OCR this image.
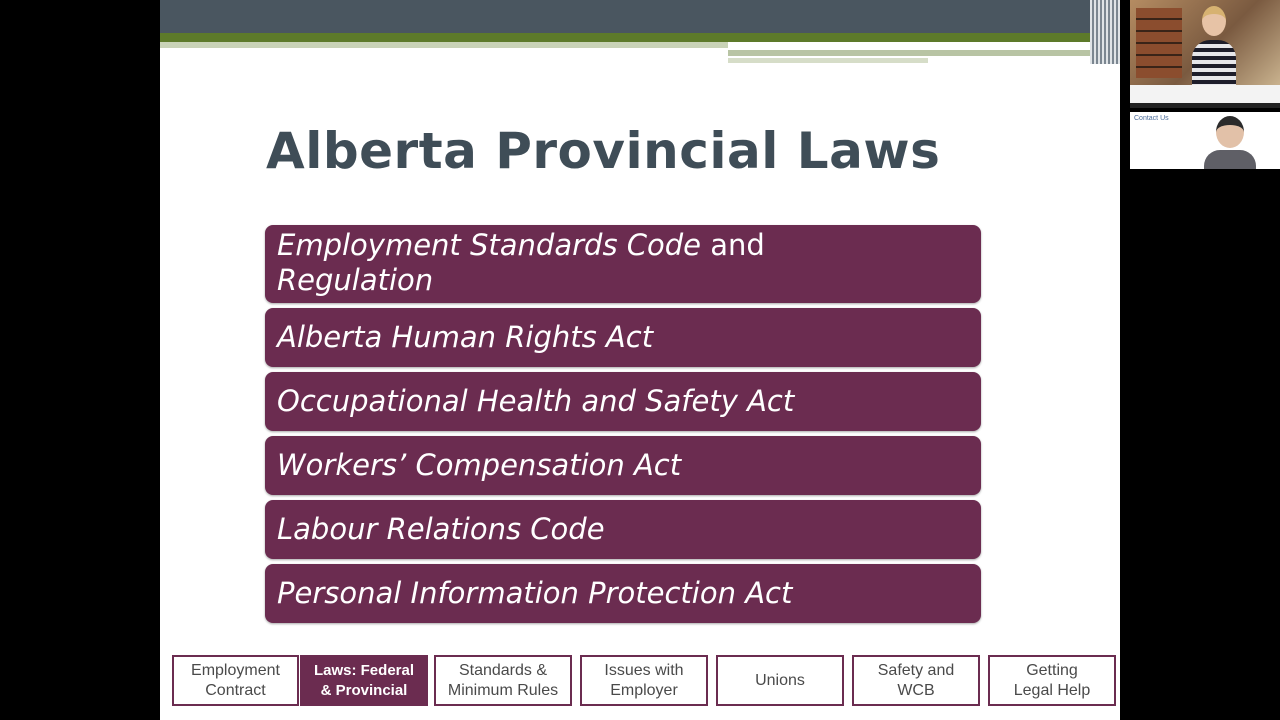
Alberta Provincial Laws
Employment Standards Code and
Regulation
Alberta Human Rights Act
Occupational Health and Safety Act
Workers’ Compensation Act
Labour Relations Code
Personal Information Protection Act
Employment
Contract
Laws: Federal
& Provincial
Standards &
Minimum Rules
Issues with
Employer
Unions
Safety and
WCB
Getting
Legal Help
Contact Us
